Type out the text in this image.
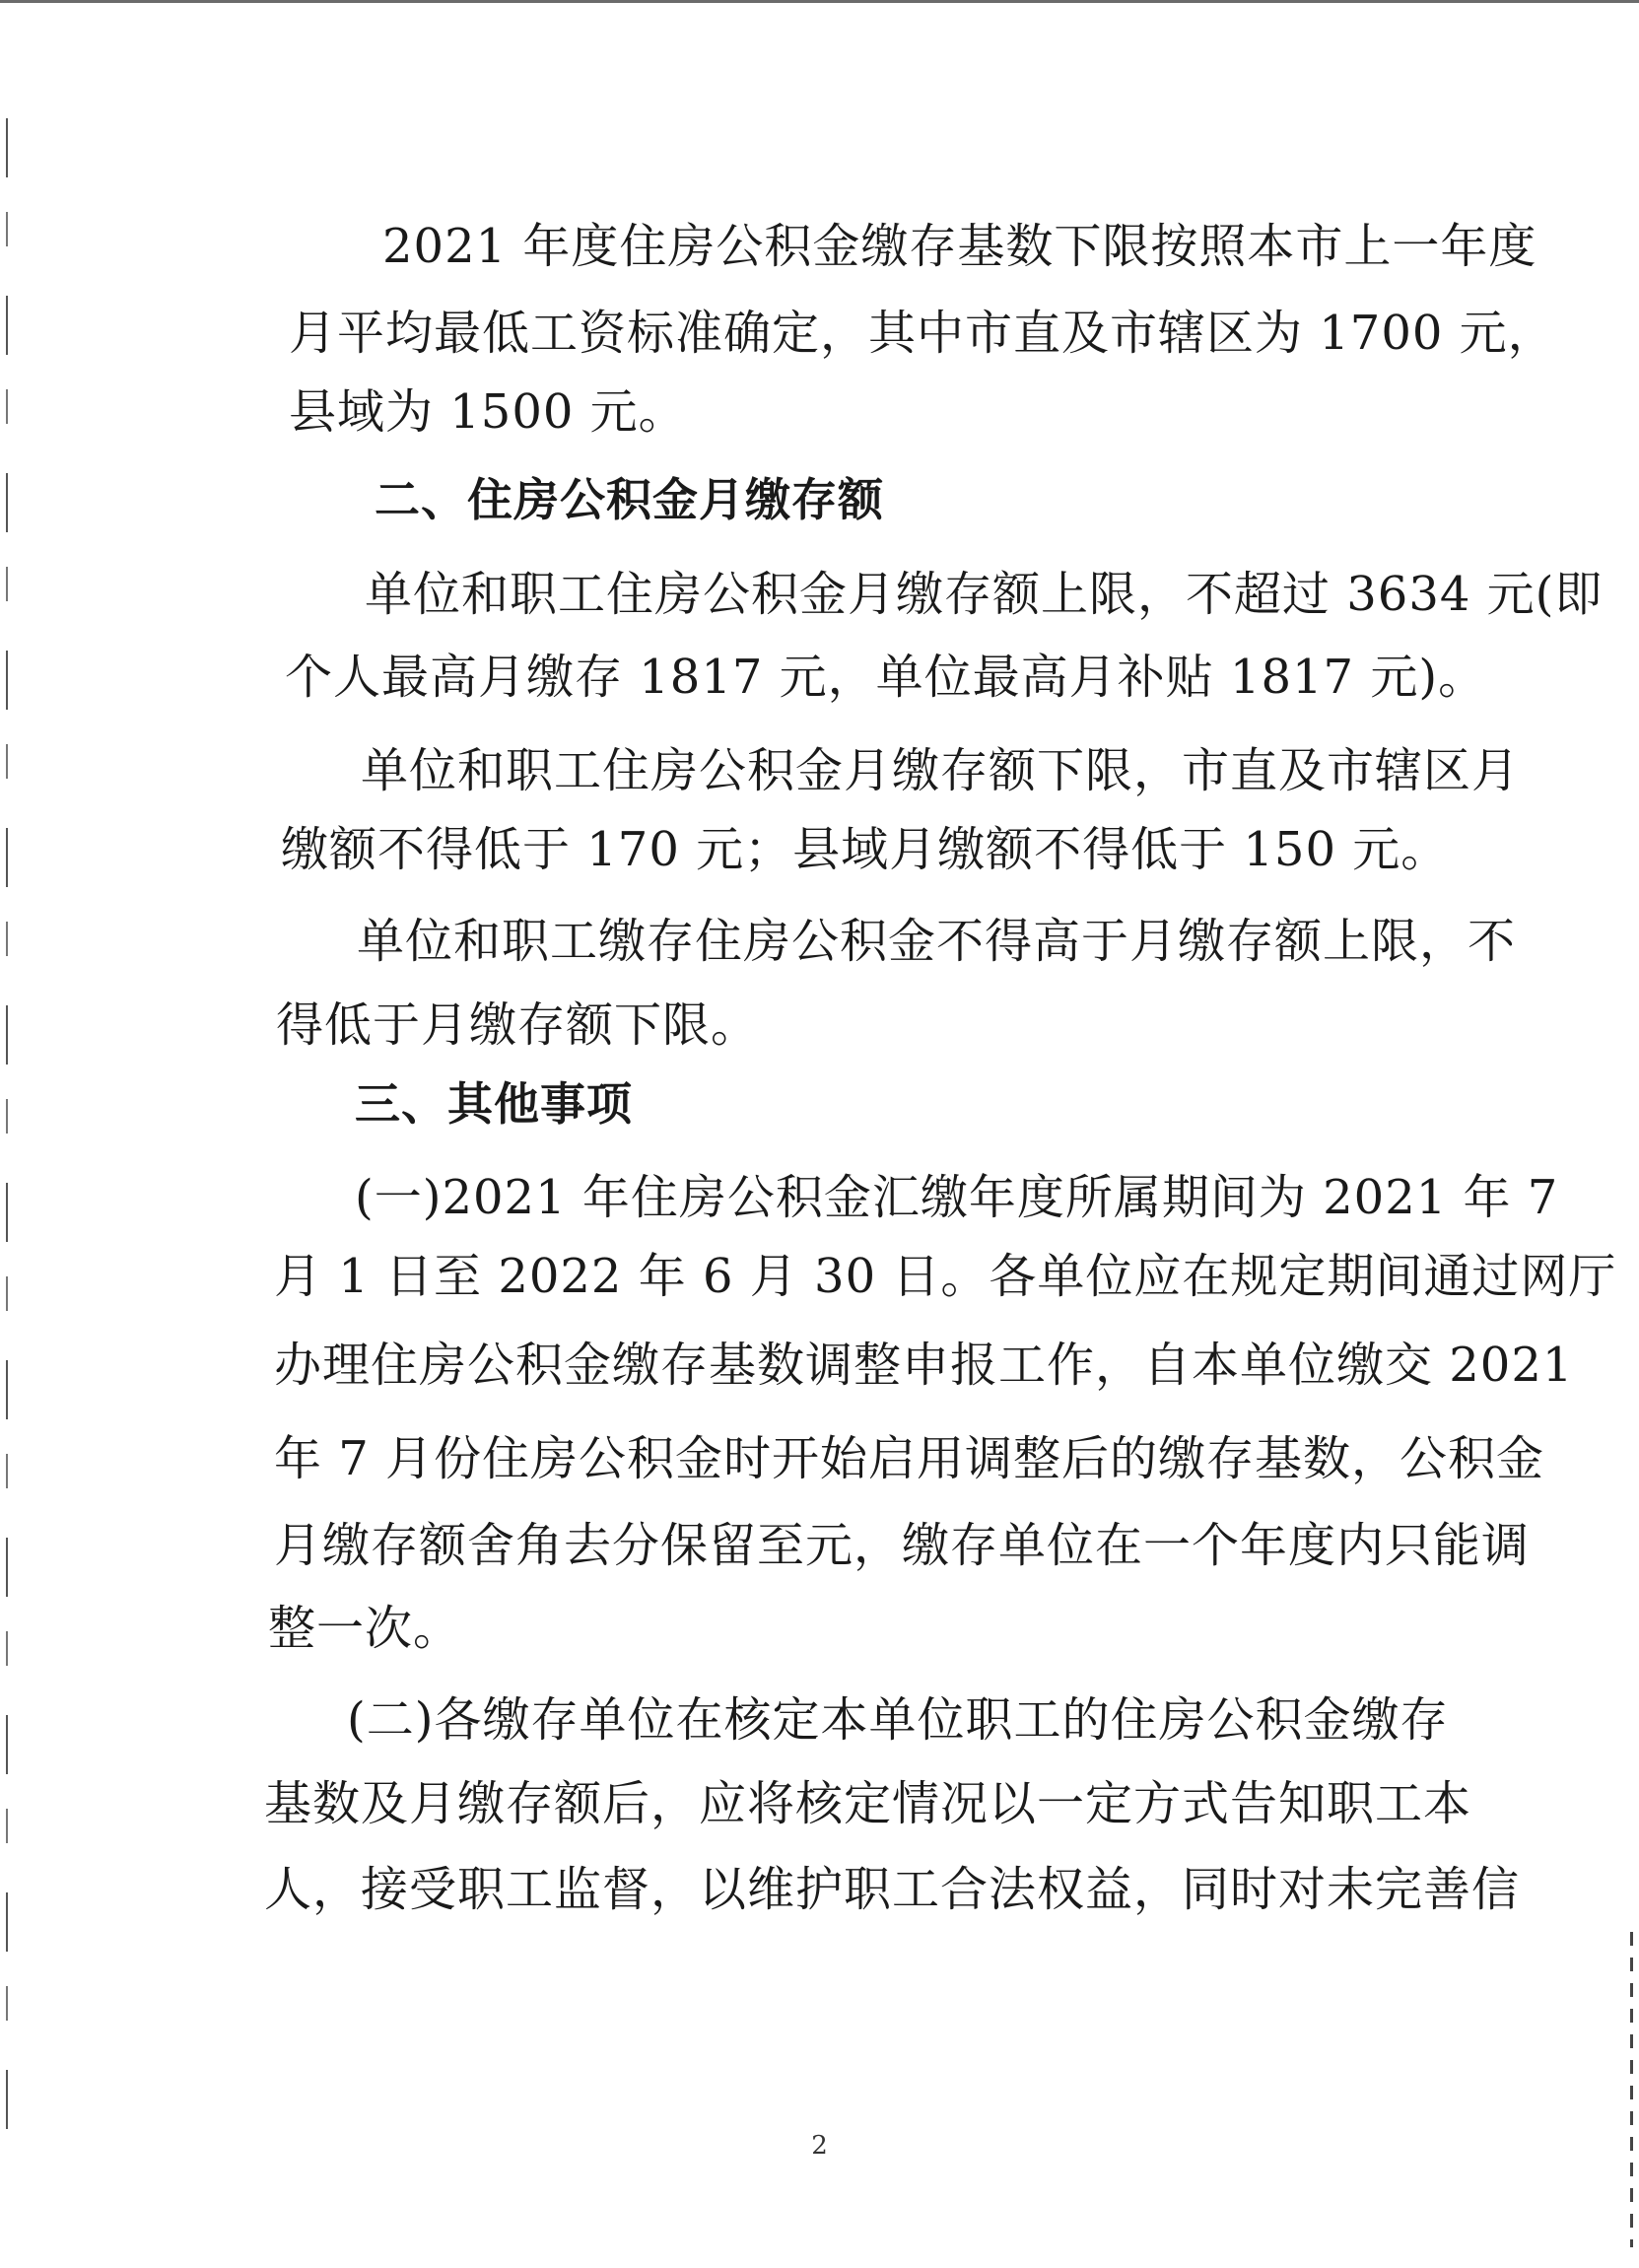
2021 年度住房公积金缴存基数下限按照本市上一年度
月平均最低工资标准确定，其中市直及市辖区为 1700 元，
县域为 1500 元。
二、住房公积金月缴存额
单位和职工住房公积金月缴存额上限，不超过 3634 元(即
个人最高月缴存 1817 元，单位最高月补贴 1817 元)。
单位和职工住房公积金月缴存额下限，市直及市辖区月
缴额不得低于 170 元；县域月缴额不得低于 150 元。
单位和职工缴存住房公积金不得高于月缴存额上限，不
得低于月缴存额下限。
三、其他事项
(一)2021 年住房公积金汇缴年度所属期间为 2021 年 7
月 1 日至 2022 年 6 月 30 日。各单位应在规定期间通过网厅
办理住房公积金缴存基数调整申报工作，自本单位缴交 2021
年 7 月份住房公积金时开始启用调整后的缴存基数，公积金
月缴存额舍角去分保留至元，缴存单位在一个年度内只能调
整一次。
(二)各缴存单位在核定本单位职工的住房公积金缴存
基数及月缴存额后，应将核定情况以一定方式告知职工本
人，接受职工监督，以维护职工合法权益，同时对未完善信
2
